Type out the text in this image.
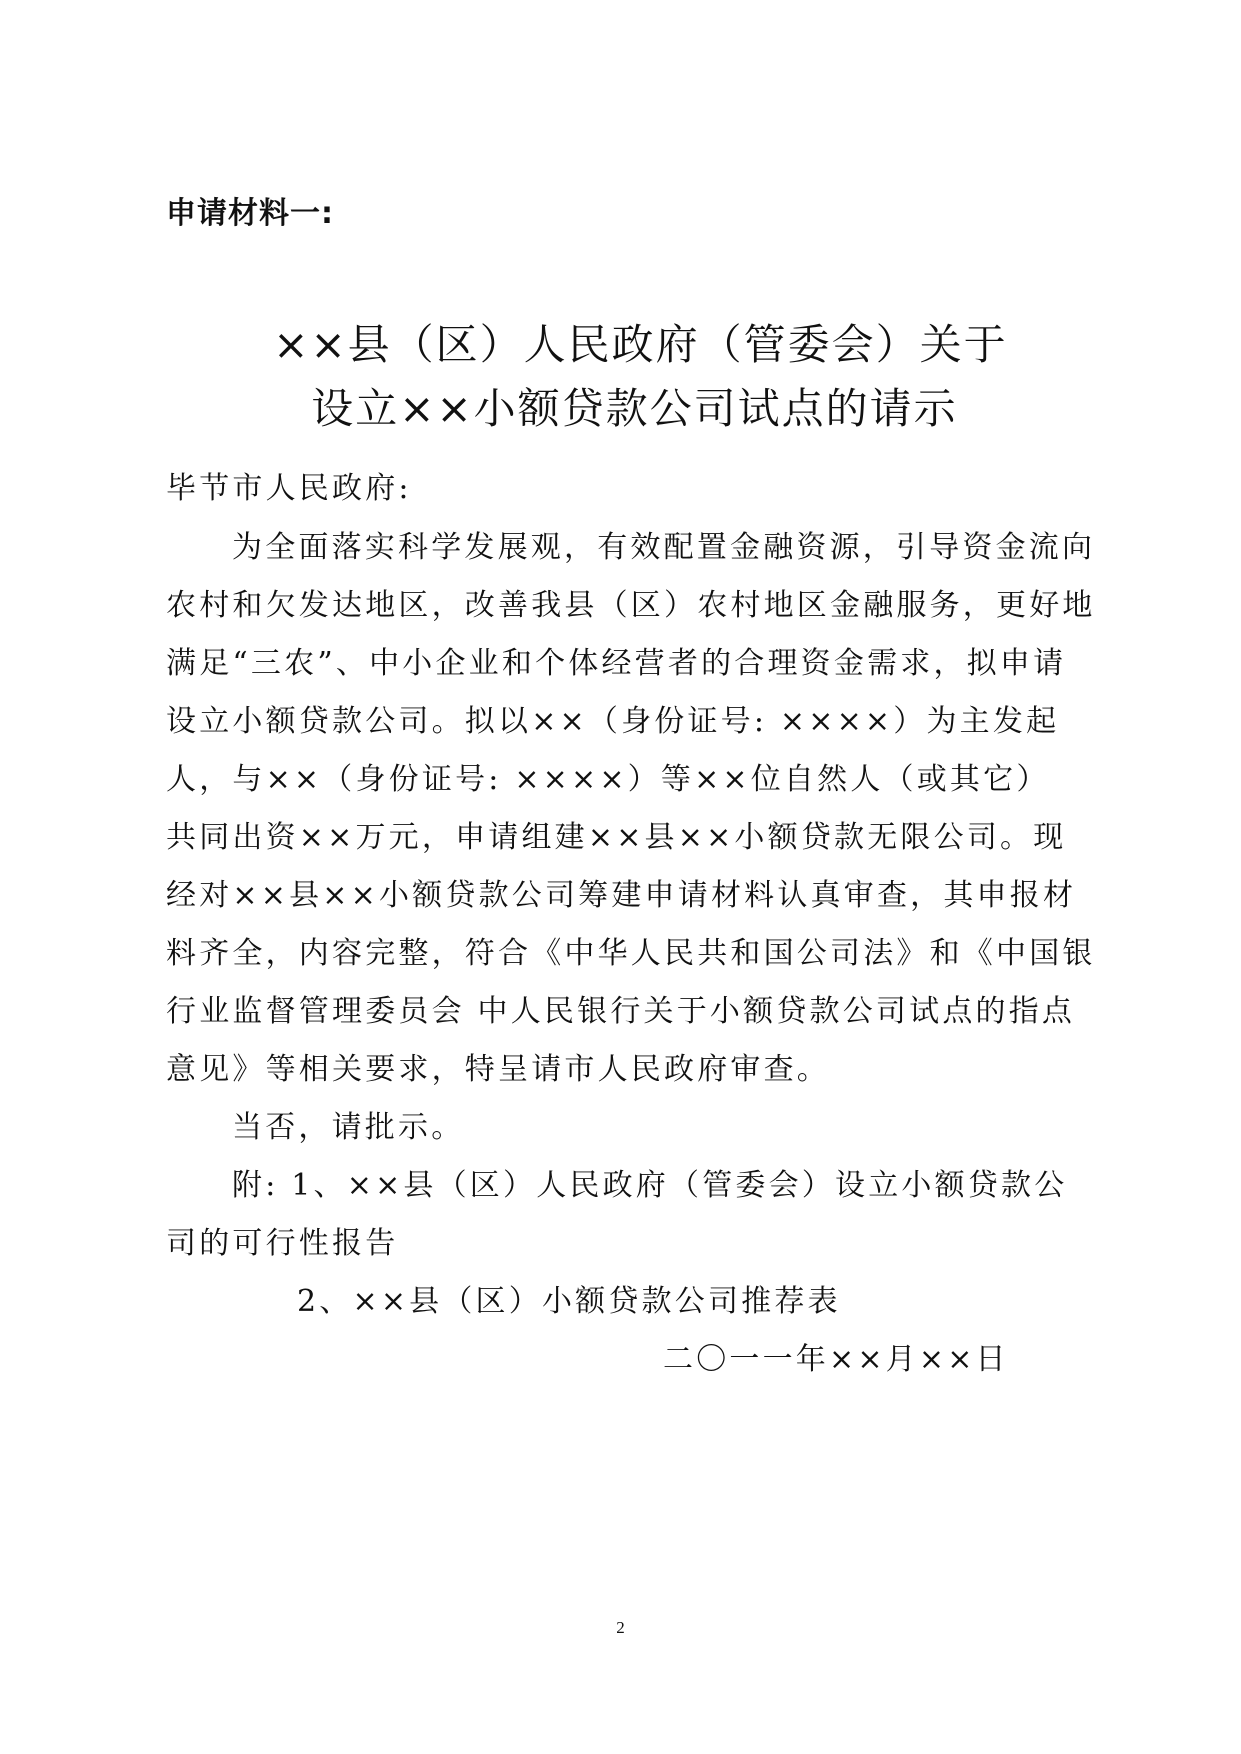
申请材料一:
××县（区）人民政府（管委会）关于
设立××小额贷款公司试点的请示
毕节市人民政府:
为全面落实科学发展观，有效配置金融资源，引导资金流向
农村和欠发达地区，改善我县（区）农村地区金融服务，更好地
满足“三农”、中小企业和个体经营者的合理资金需求，拟申请
设立小额贷款公司。拟以××（身份证号: ××××）为主发起
人，与××（身份证号: ××××）等××位自然人（或其它）
共同出资××万元，申请组建××县××小额贷款无限公司。现
经对××县××小额贷款公司筹建申请材料认真审查，其申报材
料齐全，内容完整，符合《中华人民共和国公司法》和《中国银
行业监督管理委员会 中人民银行关于小额贷款公司试点的指点
意见》等相关要求，特呈请市人民政府审查。
当否，请批示。
附: 1、××县（区）人民政府（管委会）设立小额贷款公
司的可行性报告
2、××县（区）小额贷款公司推荐表
二〇一一年××月××日
2
